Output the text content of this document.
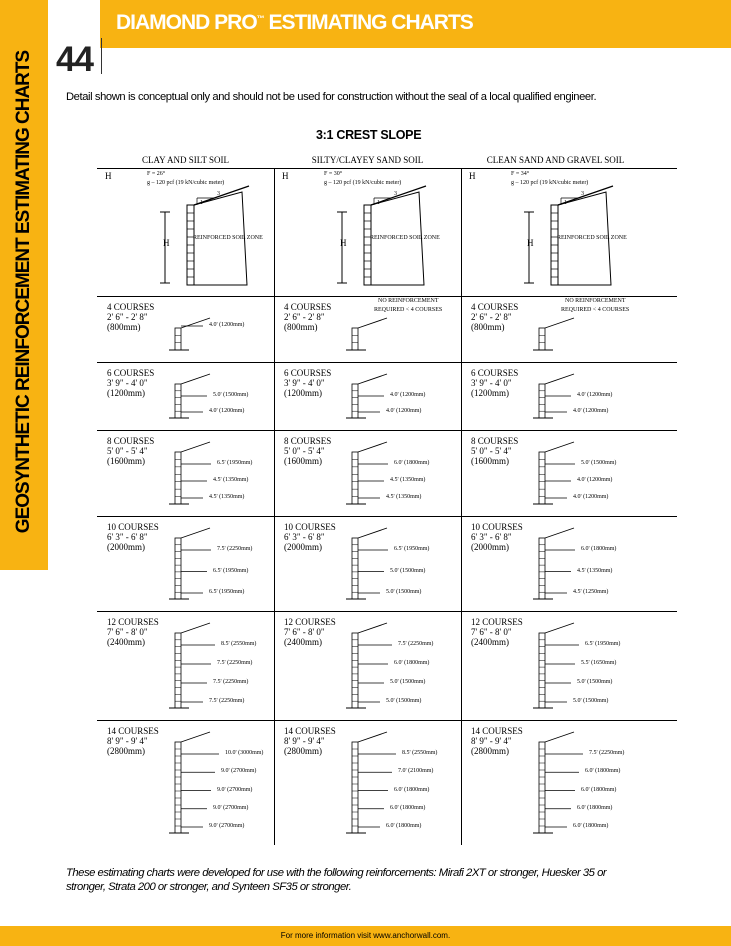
DIAMOND PRO™ ESTIMATING CHARTS
GEOSYNTHETIC REINFORCEMENT ESTIMATING CHARTS 44
Detail shown is conceptual only and should not be used for construction without the seal of a local qualified engineer.
3:1 CREST SLOPE
CLAY AND SILT SOIL
H	F = 26°
g – 120 pcf (19 kN/cubic meter)
3
1
H	REINFORCED SOIL ZONE
SILTY/CLAYEY SAND SOIL
H	F = 30°
g – 120 pcf (19 kN/cubic meter)
3
1
H	REINFORCED SOIL ZONE
CLEAN SAND AND GRAVEL SOIL
H	F = 34°
g – 120 pcf (19 kN/cubic meter)
3
1
H	REINFORCED SOIL ZONE
4 COURSES
2' 6" - 2' 8"
(800mm)	4.0' (1200mm)
4 COURSES
2' 6" - 2' 8"
(800mm)
NO REINFORCEMENT
REQUIRED < 4 COURSES	4 COURSES
2' 6" - 2' 8"
(800mm)
NO REINFORCEMENT
REQUIRED < 4 COURSES
6 COURSES
3' 9" - 4' 0"
(1200mm)	5.0' (1500mm)
4.0' (1200mm)
6 COURSES
3' 9" - 4' 0"
(1200mm)	4.0' (1200mm)
4.0' (1200mm)
6 COURSES
3' 9" - 4' 0"
(1200mm)	4.0' (1200mm)
4.0' (1200mm)
8 COURSES
5' 0" - 5' 4"
(1600mm)	6.5' (1950mm)
4.5' (1350mm)
4.5' (1350mm)
8 COURSES
5' 0" - 5' 4"
(1600mm)	6.0' (1800mm)
4.5' (1350mm)
4.5' (1350mm)
8 COURSES
5' 0" - 5' 4"
(1600mm)	5.0' (1500mm)
4.0' (1200mm)
4.0' (1200mm)
10 COURSES
6' 3" - 6' 8"
(2000mm)	7.5' (2250mm)
6.5' (1950mm)
6.5' (1950mm)
10 COURSES
6' 3" - 6' 8"
(2000mm)	6.5' (1950mm)
5.0' (1500mm)
5.0' (1500mm)
10 COURSES
6' 3" - 6' 8"
(2000mm)	6.0' (1800mm)
4.5' (1350mm)
4.5' (1250mm)
12 COURSES
7' 6" - 8' 0"
(2400mm)	8.5' (2550mm)
7.5' (2250mm)
7.5' (2250mm)
7.5' (2250mm)
12 COURSES
7' 6" - 8' 0"
(2400mm)	7.5' (2250mm)
6.0' (1800mm)
5.0' (1500mm)
5.0' (1500mm)
12 COURSES
7' 6" - 8' 0"
(2400mm)	6.5' (1950mm)
5.5' (1650mm)
5.0' (1500mm)
5.0' (1500mm)
14 COURSES
8' 9" - 9' 4"
(2800mm)	10.0' (3000mm)
9.0' (2700mm)
9.0' (2700mm)
9.0' (2700mm)
9.0' (2700mm)
14 COURSES
8' 9" - 9' 4"
(2800mm)	8.5' (2550mm)
7.0' (2100mm)
6.0' (1800mm)
6.0' (1800mm)
6.0' (1800mm)
14 COURSES
8' 9" - 9' 4"
(2800mm)	7.5' (2250mm)
6.0' (1800mm)
6.0' (1800mm)
6.0' (1800mm)
6.0' (1800mm)
These estimating charts were developed for use with the following reinforcements: Mirafi 2XT or stronger, Huesker 35 or stronger, Strata 200 or stronger, and Synteen SF35 or stronger.
For more information visit www.anchorwall.com.
